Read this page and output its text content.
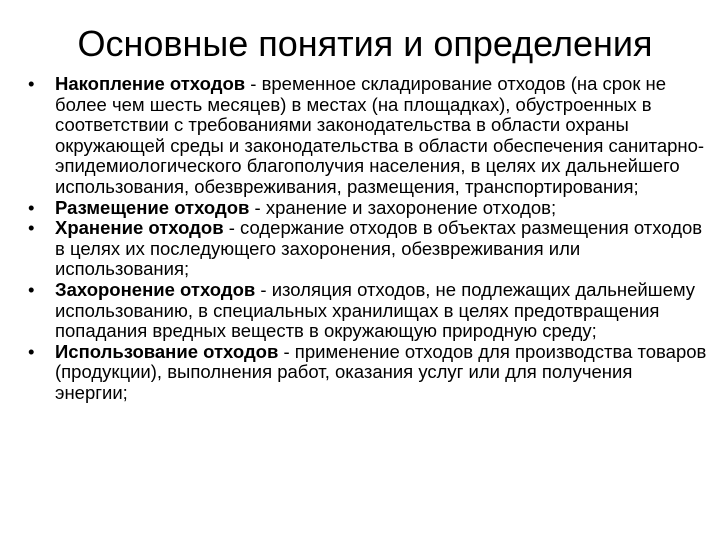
Основные понятия и определения
•	Накопление отходов - временное складирование отходов (на срок не более чем шесть месяцев) в местах (на площадках), обустроенных в соответствии с требованиями законодательства в области охраны окружающей среды и законодательства в области обеспечения санитарно-эпидемиологического благополучия населения, в целях их дальнейшего использования, обезвреживания, размещения, транспортирования;
•	Размещение отходов - хранение и захоронение отходов;
•	Хранение отходов - содержание отходов в объектах размещения отходов в целях их последующего захоронения, обезвреживания или использования;
•	Захоронение отходов - изоляция отходов, не подлежащих дальнейшему использованию, в специальных хранилищах в целях предотвращения попадания вредных веществ в окружающую природную среду;
•	Использование отходов - применение отходов для производства товаров (продукции), выполнения работ, оказания услуг или для получения энергии;
